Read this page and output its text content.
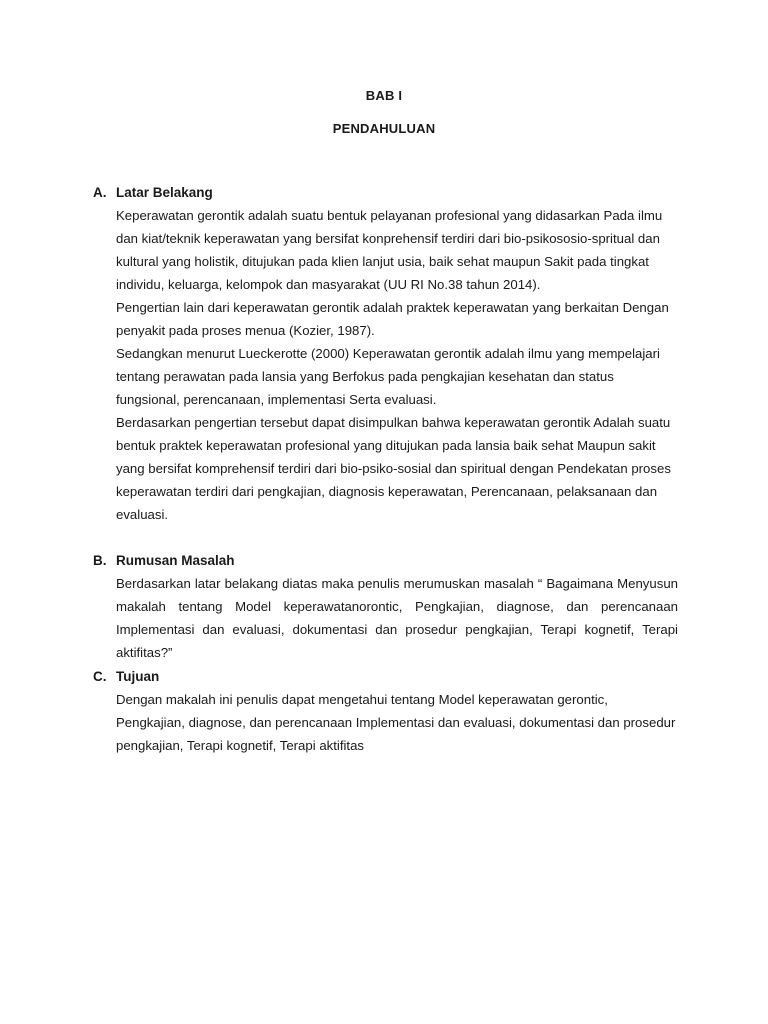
BAB I
PENDAHULUAN
A. Latar Belakang

Keperawatan gerontik adalah suatu bentuk pelayanan profesional yang didasarkan Pada ilmu dan kiat/teknik keperawatan yang bersifat konprehensif terdiri dari bio-psikososio-spritual dan kultural yang holistik, ditujukan pada klien lanjut usia, baik sehat maupun Sakit pada tingkat individu, keluarga, kelompok dan masyarakat (UU RI No.38 tahun 2014).

Pengertian lain dari keperawatan gerontik adalah praktek keperawatan yang berkaitan Dengan penyakit pada proses menua (Kozier, 1987).

Sedangkan menurut Lueckerotte (2000) Keperawatan gerontik adalah ilmu yang mempelajari tentang perawatan pada lansia yang Berfokus pada pengkajian kesehatan dan status fungsional, perencanaan, implementasi Serta evaluasi.

Berdasarkan pengertian tersebut dapat disimpulkan bahwa keperawatan gerontik Adalah suatu bentuk praktek keperawatan profesional yang ditujukan pada lansia baik sehat Maupun sakit yang bersifat komprehensif terdiri dari bio-psiko-sosial dan spiritual dengan Pendekatan proses keperawatan terdiri dari pengkajian, diagnosis keperawatan, Perencanaan, pelaksanaan dan evaluasi.

B. Rumusan Masalah

Berdasarkan latar belakang diatas maka penulis merumuskan masalah “ Bagaimana Menyusun makalah tentang Model keperawatanorontic, Pengkajian, diagnose, dan perencanaan Implementasi dan evaluasi, dokumentasi dan prosedur pengkajian, Terapi kognetif, Terapi aktifitas?”

C. Tujuan

Dengan makalah ini penulis dapat mengetahui tentang Model keperawatan gerontic, Pengkajian, diagnose, dan perencanaan Implementasi dan evaluasi, dokumentasi dan prosedur pengkajian, Terapi kognetif, Terapi aktifitas
